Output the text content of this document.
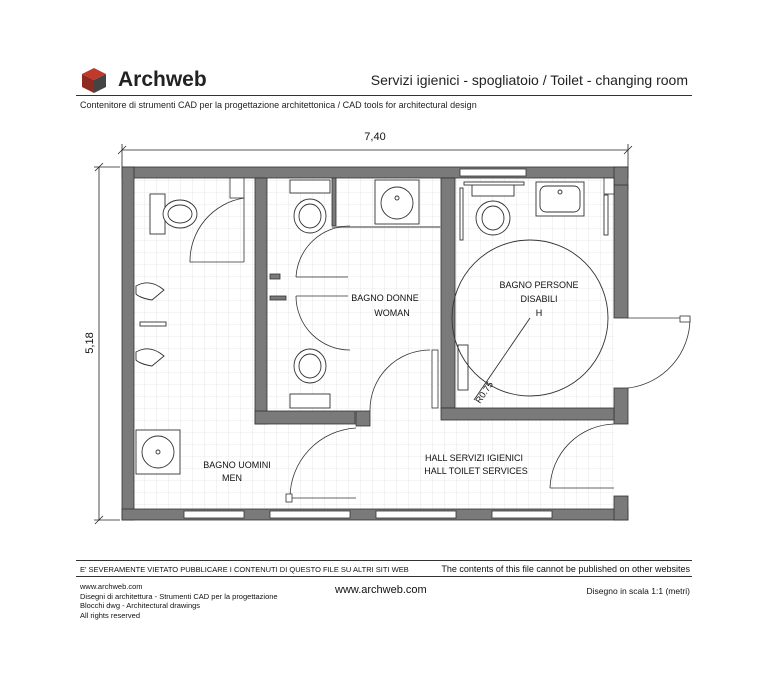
Archweb	Servizi igienici - spogliatoio / Toilet - changing room
Contenitore di strumenti CAD per la progettazione architettonica / CAD tools for architectural design
7,40
5,18
R0.75
BAGNO DONNE
WOMAN
BAGNO PERSONE
DISABILI
H
BAGNO UOMINI
MEN
HALL SERVIZI IGIENICI
HALL TOILET SERVICES
E' SEVERAMENTE VIETATO PUBBLICARE I CONTENUTI DI QUESTO FILE SU ALTRI SITI WEB	The contents of this file cannot be published on other websites
www.archweb.com
Disegni di architettura - Strumenti CAD per la progettazione
Blocchi dwg - Architectural drawings
All rights reserved
www.archweb.com	Disegno in scala 1:1 (metri)
